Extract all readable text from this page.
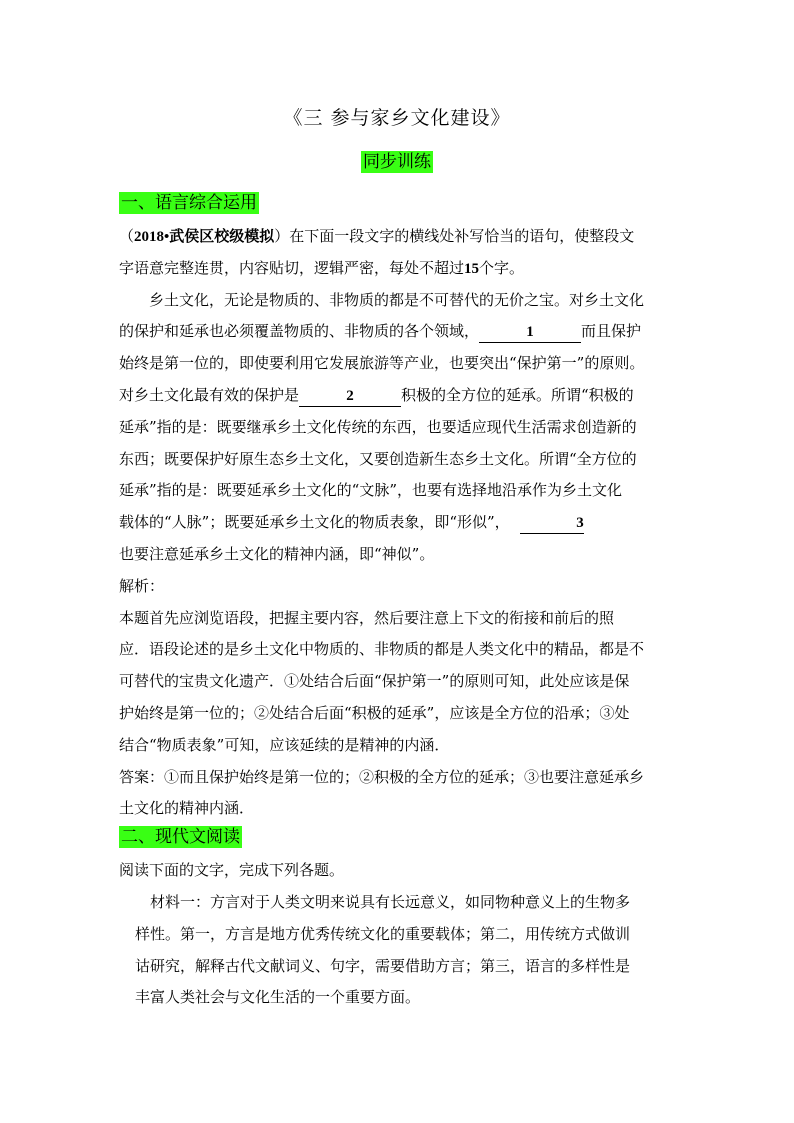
《三 参与家乡文化建设》
同步训练
一、语言综合运用
（2018•武侯区校级模拟）在下面一段文字的横线处补写恰当的语句，使整段文
字语意完整连贯，内容贴切，逻辑严密，每处不超过15个字。
乡土文化，无论是物质的、非物质的都是不可替代的无价之宝。对乡土文化
的保护和延承也必须覆盖物质的、非物质的各个领域，	1	而且保护
始终是第一位的，即使要利用它发展旅游等产业，也要突出“保护第一”的原则。
对乡土文化最有效的保护是	2	积极的全方位的延承。所谓“积极的
延承”指的是：既要继承乡土文化传统的东西，也要适应现代生活需求创造新的
东西；既要保护好原生态乡土文化，又要创造新生态乡土文化。所谓“全方位的
延承”指的是：既要延承乡土文化的“文脉”，也要有选择地沿承作为乡土文化
载体的“人脉”；既要延承乡土文化的物质表象，即“形似”，	3
也要注意延承乡土文化的精神内涵，即“神似”。
解析：
本题首先应浏览语段，把握主要内容，然后要注意上下文的衔接和前后的照
应．语段论述的是乡土文化中物质的、非物质的都是人类文化中的精品，都是不
可替代的宝贵文化遗产．①处结合后面“保护第一”的原则可知，此处应该是保
护始终是第一位的；②处结合后面“积极的延承”，应该是全方位的沿承；③处
结合“物质表象”可知，应该延续的是精神的内涵．
答案：①而且保护始终是第一位的；②积极的全方位的延承；③也要注意延承乡
土文化的精神内涵．
二、现代文阅读
阅读下面的文字，完成下列各题。
材料一：方言对于人类文明来说具有长远意义，如同物种意义上的生物多
样性。第一，方言是地方优秀传统文化的重要载体；第二，用传统方式做训
诂研究，解释古代文献词义、句字，需要借助方言；第三，语言的多样性是
丰富人类社会与文化生活的一个重要方面。
